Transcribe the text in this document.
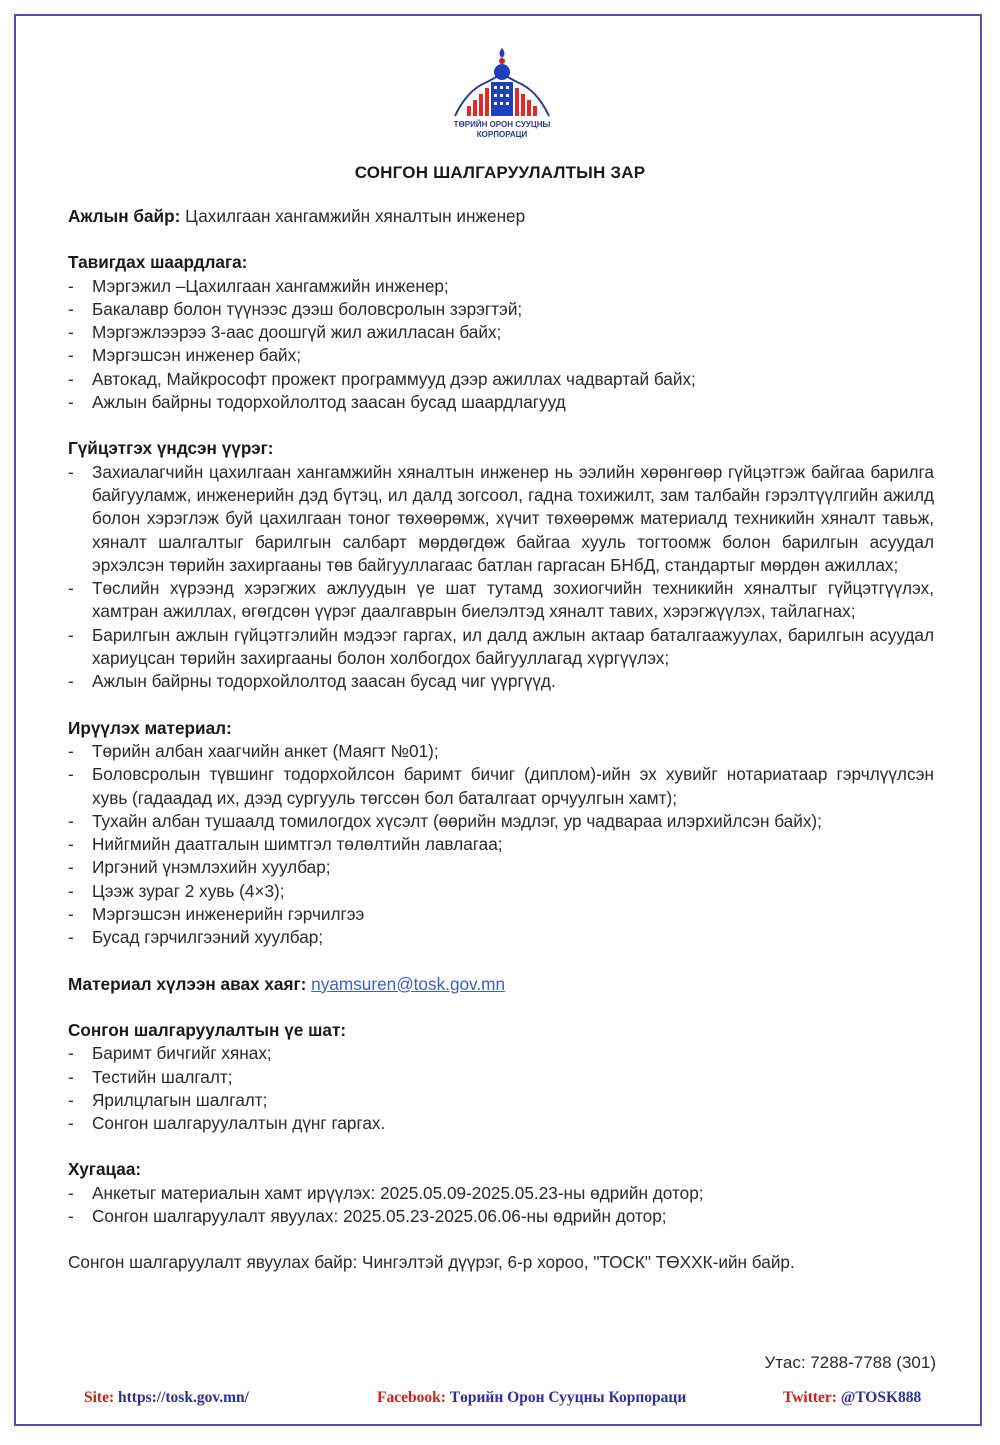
ТӨРИЙН ОРОН СУУЦНЫ
КОРПОРАЦИ
СОНГОН ШАЛГАРУУЛАЛТЫН ЗАР
Ажлын байр: Цахилгаан хангамжийн хяналтын инженер
Тавигдах шаардлага:
- Мэргэжил –Цахилгаан хангамжийн инженер;
- Бакалавр болон түүнээс дээш боловсролын зэрэгтэй;
- Мэргэжлээрээ 3-аас доошгүй жил ажилласан байх;
- Мэргэшсэн инженер байх;
- Автокад, Майкрософт прожект программууд дээр ажиллах чадвартай байх;
- Ажлын байрны тодорхойлолтод заасан бусад шаардлагууд
Гүйцэтгэх үндсэн үүрэг:
- Захиалагчийн цахилгаан хангамжийн хяналтын инженер нь ээлийн хөрөнгөөр гүйцэтгэж байгаа барилга байгууламж, инженерийн дэд бүтэц, ил далд зогсоол, гадна тохижилт, зам талбайн гэрэлтүүлгийн ажилд болон хэрэглэж буй цахилгаан тоног төхөөрөмж, хүчит төхөөрөмж материалд техникийн хяналт тавьж, хяналт шалгалтыг барилгын салбарт мөрдөгдөж байгаа хууль тогтоомж болон барилгын асуудал эрхэлсэн төрийн захиргааны төв байгууллагаас батлан гаргасан БНбД, стандартыг мөрдөн ажиллах;
- Төслийн хүрээнд хэрэгжих ажлуудын үе шат тутамд зохиогчийн техникийн хяналтыг гүйцэтгүүлэх, хамтран ажиллах, өгөгдсөн үүрэг даалгаврын биелэлтэд хяналт тавих, хэрэгжүүлэх, тайлагнах;
- Барилгын ажлын гүйцэтгэлийн мэдээг гаргах, ил далд ажлын актаар баталгаажуулах, барилгын асуудал хариуцсан төрийн захиргааны болон холбогдох байгууллагад хүргүүлэх;
- Ажлын байрны тодорхойлолтод заасан бусад чиг үүргүүд.
Ирүүлэх материал:
- Төрийн албан хаагчийн анкет (Маягт №01);
- Боловсролын түвшинг тодорхойлсон баримт бичиг (диплом)-ийн эх хувийг нотариатаар гэрчлүүлсэн хувь (гадаадад их, дээд сургууль төгссөн бол баталгаат орчуулгын хамт);
- Тухайн албан тушаалд томилогдох хүсэлт (өөрийн мэдлэг, ур чадвараа илэрхийлсэн байх);
- Нийгмийн даатгалын шимтгэл төлөлтийн лавлагаа;
- Иргэний үнэмлэхийн хуулбар;
- Цээж зураг 2 хувь (4×3);
- Мэргэшсэн инженерийн гэрчилгээ
- Бусад гэрчилгээний хуулбар;
Материал хүлээн авах хаяг: nyamsuren@tosk.gov.mn
Сонгон шалгаруулалтын үе шат:
- Баримт бичгийг хянах;
- Тестийн шалгалт;
- Ярилцлагын шалгалт;
- Сонгон шалгаруулалтын дүнг гаргах.
Хугацаа:
- Анкетыг материалын хамт ирүүлэх: 2025.05.09-2025.05.23-ны өдрийн дотор;
- Сонгон шалгаруулалт явуулах: 2025.05.23-2025.06.06-ны өдрийн дотор;
Сонгон шалгаруулалт явуулах байр: Чингэлтэй дүүрэг, 6-р хороо, "ТОСК" ТӨХХК-ийн байр.
Утас: 7288-7788 (301)
Site: https://tosk.gov.mn/	Facebook: Төрийн Орон Сууцны Корпораци	Twitter: @TOSK888
